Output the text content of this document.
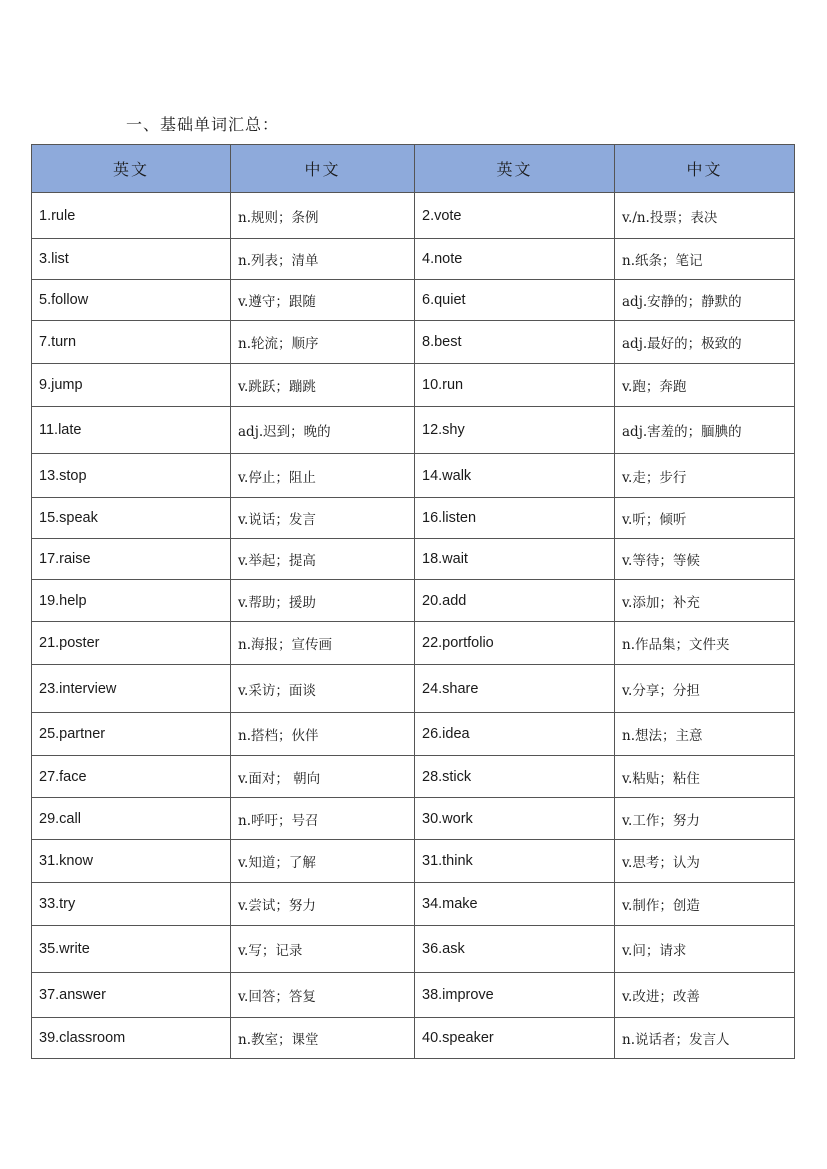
一、基础单词汇总：
英文	中文	英文	中文
1.rule	n.规则；条例	2.vote	v./n.投票；表决
3.list	n.列表；清单	4.note	n.纸条；笔记
5.follow	v.遵守；跟随	6.quiet	adj.安静的；静默的
7.turn	n.轮流；顺序	8.best	adj.最好的；极致的
9.jump	v.跳跃；蹦跳	10.run	v.跑；奔跑
11.late	adj.迟到；晚的	12.shy	adj.害羞的；腼腆的
13.stop	v.停止；阻止	14.walk	v.走；步行
15.speak	v.说话；发言	16.listen	v.听；倾听
17.raise	v.举起；提高	18.wait	v.等待；等候
19.help	v.帮助；援助	20.add	v.添加；补充
21.poster	n.海报；宣传画	22.portfolio	n.作品集；文件夹
23.interview	v.采访；面谈	24.share	v.分享；分担
25.partner	n.搭档；伙伴	26.idea	n.想法；主意
27.face	v.面对； 朝向	28.stick	v.粘贴；粘住
29.call	n.呼吁；号召	30.work	v.工作；努力
31.know	v.知道；了解	31.think	v.思考；认为
33.try	v.尝试；努力	34.make	v.制作；创造
35.write	v.写；记录	36.ask	v.问；请求
37.answer	v.回答；答复	38.improve	v.改进；改善
39.classroom	n.教室；课堂	40.speaker	n.说话者；发言人
